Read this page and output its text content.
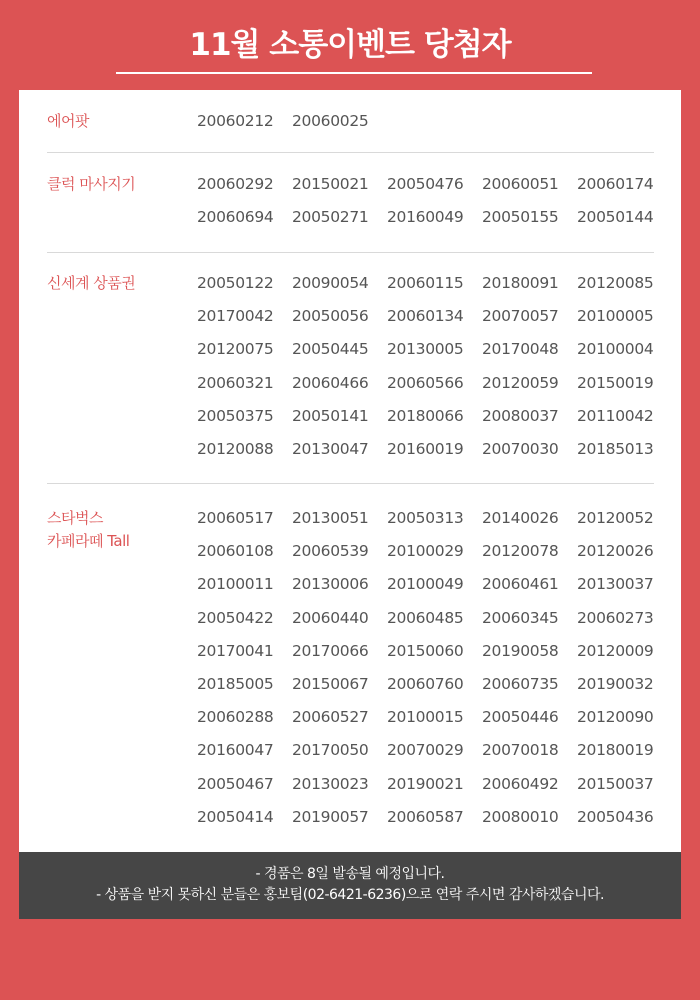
11월 소통이벤트 당첨자
에어팟	20060212	20060025
클럭 마사지기	20060292	20150021	20050476	20060051	20060174
20060694	20050271	20160049	20050155	20050144
신세계 상품권	20050122	20090054	20060115	20180091	20120085
20170042	20050056	20060134	20070057	20100005
20120075	20050445	20130005	20170048	20100004
20060321	20060466	20060566	20120059	20150019
20050375	20050141	20180066	20080037	20110042
20120088	20130047	20160019	20070030	20185013
스타벅스
카페라떼 Tall
20060517	20130051	20050313	20140026	20120052
20060108	20060539	20100029	20120078	20120026
20100011	20130006	20100049	20060461	20130037
20050422	20060440	20060485	20060345	20060273
20170041	20170066	20150060	20190058	20120009
20185005	20150067	20060760	20060735	20190032
20060288	20060527	20100015	20050446	20120090
20160047	20170050	20070029	20070018	20180019
20050467	20130023	20190021	20060492	20150037
20050414	20190057	20060587	20080010	20050436
- 경품은 8일 발송될 예정입니다.
- 상품을 받지 못하신 분들은 홍보팀(02-6421-6236)으로 연락 주시면 감사하겠습니다.
